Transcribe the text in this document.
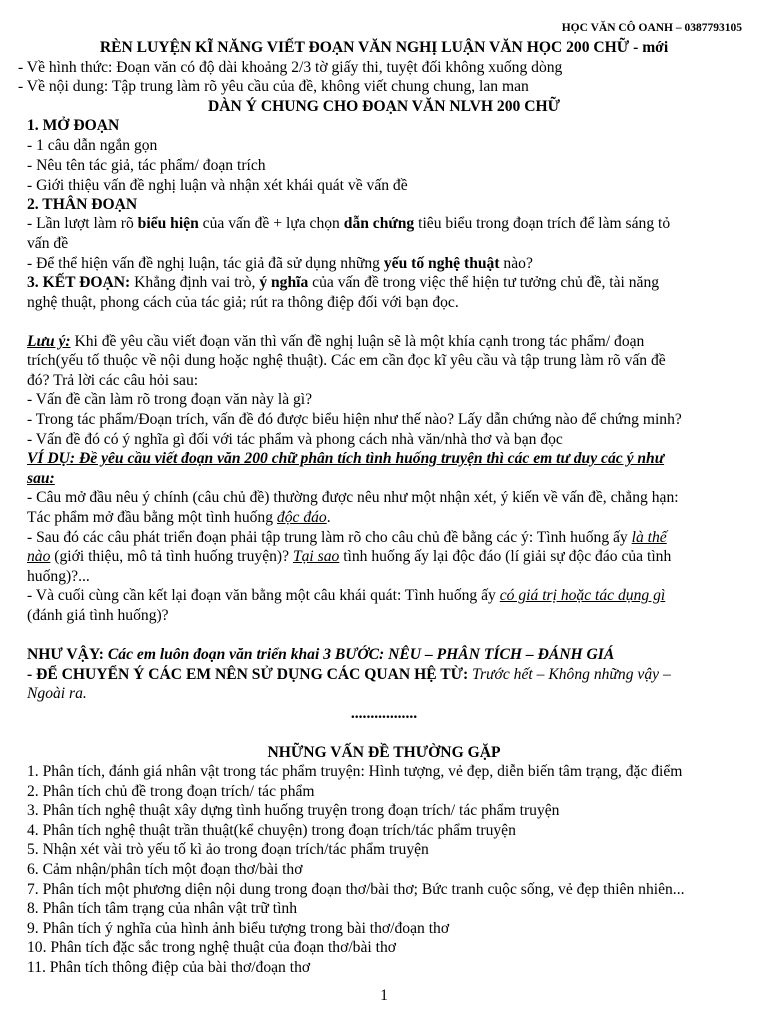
HỌC VĂN CÔ OANH – 0387793105
RÈN LUYỆN KĨ NĂNG VIẾT ĐOẠN VĂN NGHỊ LUẬN VĂN HỌC 200 CHỮ - mới
- Về hình thức: Đoạn văn có độ dài khoảng 2/3 tờ giấy thi, tuyệt đối không xuống dòng
- Về nội dung: Tập trung làm rõ yêu cầu của đề, không viết chung chung, lan man
DÀN Ý CHUNG CHO ĐOẠN VĂN NLVH 200 CHỮ
1. MỞ ĐOẠN
- 1 câu dẫn ngắn gọn
- Nêu tên tác giả, tác phẩm/ đoạn trích
- Giới thiệu vấn đề nghị luận và nhận xét khái quát về vấn đề
2. THÂN ĐOẠN
- Lần lượt làm rõ biểu hiện của vấn đề + lựa chọn dẫn chứng tiêu biểu trong đoạn trích để làm sáng tỏ
vấn đề
- Để thể hiện vấn đề nghị luận, tác giả đã sử dụng những yếu tố nghệ thuật nào?
3. KẾT ĐOẠN: Khẳng định vai trò, ý nghĩa của vấn đề trong việc thể hiện tư tưởng chủ đề, tài năng
nghệ thuật, phong cách của tác giả; rút ra thông điệp đối với bạn đọc.
Lưu ý: Khi đề yêu cầu viết đoạn văn thì vấn đề nghị luận sẽ là một khía cạnh trong tác phẩm/ đoạn
trích(yếu tố thuộc về nội dung hoặc nghệ thuật). Các em cần đọc kĩ yêu cầu và tập trung làm rõ vấn đề
đó? Trả lời các câu hỏi sau:
- Vấn đề cần làm rõ trong đoạn văn này là gì?
- Trong tác phẩm/Đoạn trích, vấn đề đó được biểu hiện như thế nào? Lấy dẫn chứng nào để chứng minh?
- Vấn đề đó có ý nghĩa gì đối với tác phẩm và phong cách nhà văn/nhà thơ và bạn đọc
VÍ DỤ: Đề yêu cầu viết đoạn văn 200 chữ phân tích tình huống truyện thì các em tư duy các ý như
sau:
- Câu mở đầu nêu ý chính (câu chủ đề) thường được nêu như một nhận xét, ý kiến về vấn đề, chẳng hạn:
Tác phẩm mở đầu bằng một tình huống độc đáo.
- Sau đó các câu phát triển đoạn phải tập trung làm rõ cho câu chủ đề bằng các ý: Tình huống ấy là thế
nào (giới thiệu, mô tả tình huống truyện)? Tại sao tình huống ấy lại độc đáo (lí giải sự độc đáo của tình
huống)?...
- Và cuối cùng cần kết lại đoạn văn bằng một câu khái quát: Tình huống ấy có giá trị hoặc tác dụng gì
(đánh giá tình huống)?
NHƯ VẬY: Các em luôn đoạn văn triển khai 3 BƯỚC: NÊU – PHÂN TÍCH – ĐÁNH GIÁ
- ĐỂ CHUYỂN Ý CÁC EM NÊN SỬ DỤNG CÁC QUAN HỆ TỪ: Trước hết – Không những vậy –
Ngoài ra.
.................
NHỮNG VẤN ĐỀ THƯỜNG GẶP
1. Phân tích, đánh giá nhân vật trong tác phẩm truyện: Hình tượng, vẻ đẹp, diễn biến tâm trạng, đặc điểm
2. Phân tích chủ đề trong đoạn trích/ tác phẩm
3. Phân tích nghệ thuật xây dựng tình huống truyện trong đoạn trích/ tác phẩm truyện
4. Phân tích nghệ thuật trần thuật(kể chuyện) trong đoạn trích/tác phẩm truyện
5. Nhận xét vài trò yếu tố kì ảo trong đoạn trích/tác phẩm truyện
6. Cảm nhận/phân tích một đoạn thơ/bài thơ
7. Phân tích một phương diện nội dung trong đoạn thơ/bài thơ; Bức tranh cuộc sống, vẻ đẹp thiên nhiên...
8. Phân tích tâm trạng của nhân vật trữ tình
9. Phân tích ý nghĩa của hình ảnh biểu tượng trong bài thơ/đoạn thơ
10. Phân tích đặc sắc trong nghệ thuật của đoạn thơ/bài thơ
11. Phân tích thông điệp của bài thơ/đoạn thơ
1
